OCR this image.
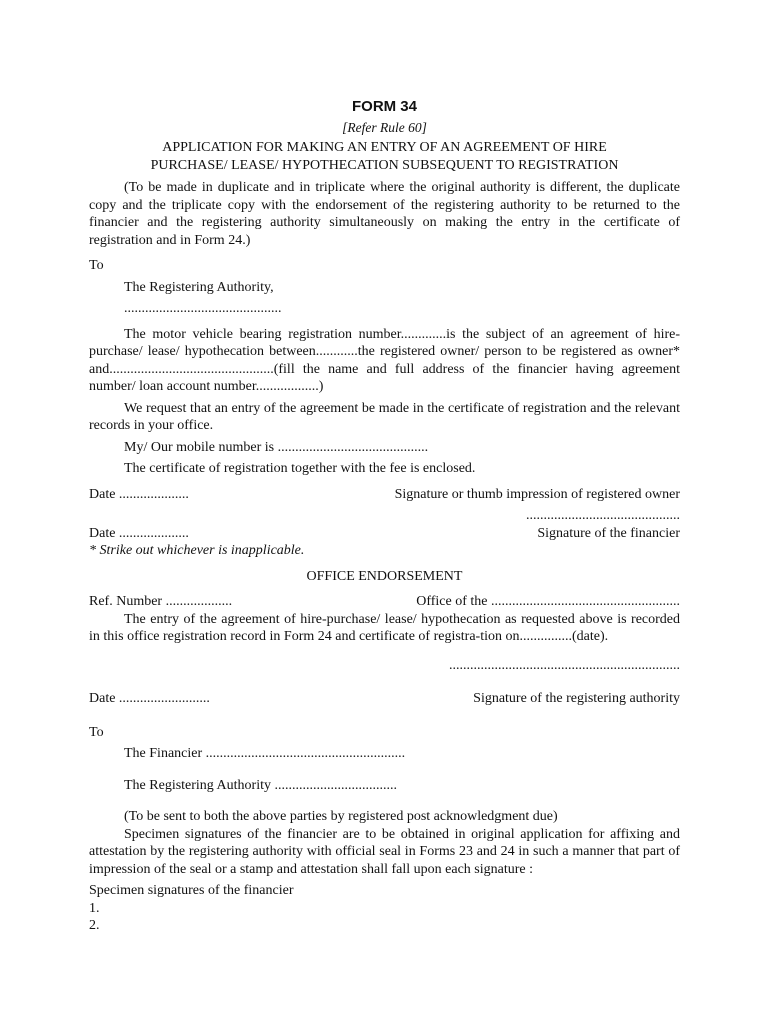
FORM 34
[Refer Rule 60]
APPLICATION FOR MAKING AN ENTRY OF AN AGREEMENT OF HIRE
PURCHASE/ LEASE/ HYPOTHECATION SUBSEQUENT TO REGISTRATION

(To be made in duplicate and in triplicate where the original authority is different, the duplicate copy and the triplicate copy with the endorsement of the registering authority to be returned to the financier and the registering authority simultaneously on making the entry in the certificate of registration and in Form 24.)

To

The Registering Authority,

.............................................

The motor vehicle bearing registration number.............is the subject of an agreement of hire-purchase/ lease/ hypothecation between............the registered owner/ person to be registered as owner* and...............................................(fill the name and full address of the financier having agreement number/ loan account number..................)

We request that an entry of the agreement be made in the certificate of registration and the relevant records in your office.

My/ Our mobile number is ...........................................

The certificate of registration together with the fee is enclosed.

Date ....................	Signature or thumb impression of registered owner
............................................
Date ....................	Signature of the financier
* Strike out whichever is inapplicable.
OFFICE ENDORSEMENT
Ref. Number ...................	Office of the ......................................................

The entry of the agreement of hire-purchase/ lease/ hypothecation as requested above is recorded in this office registration record in Form 24 and certificate of registra-tion on...............(date).

..................................................................
Date ..........................	Signature of the registering authority

To

The Financier .........................................................

The Registering Authority ...................................

(To be sent to both the above parties by registered post acknowledgment due)

Specimen signatures of the financier are to be obtained in original application for affixing and attestation by the registering authority with official seal in Forms 23 and 24 in such a manner that part of impression of the seal or a stamp and attestation shall fall upon each signature :

Specimen signatures of the financier

1.

2.
